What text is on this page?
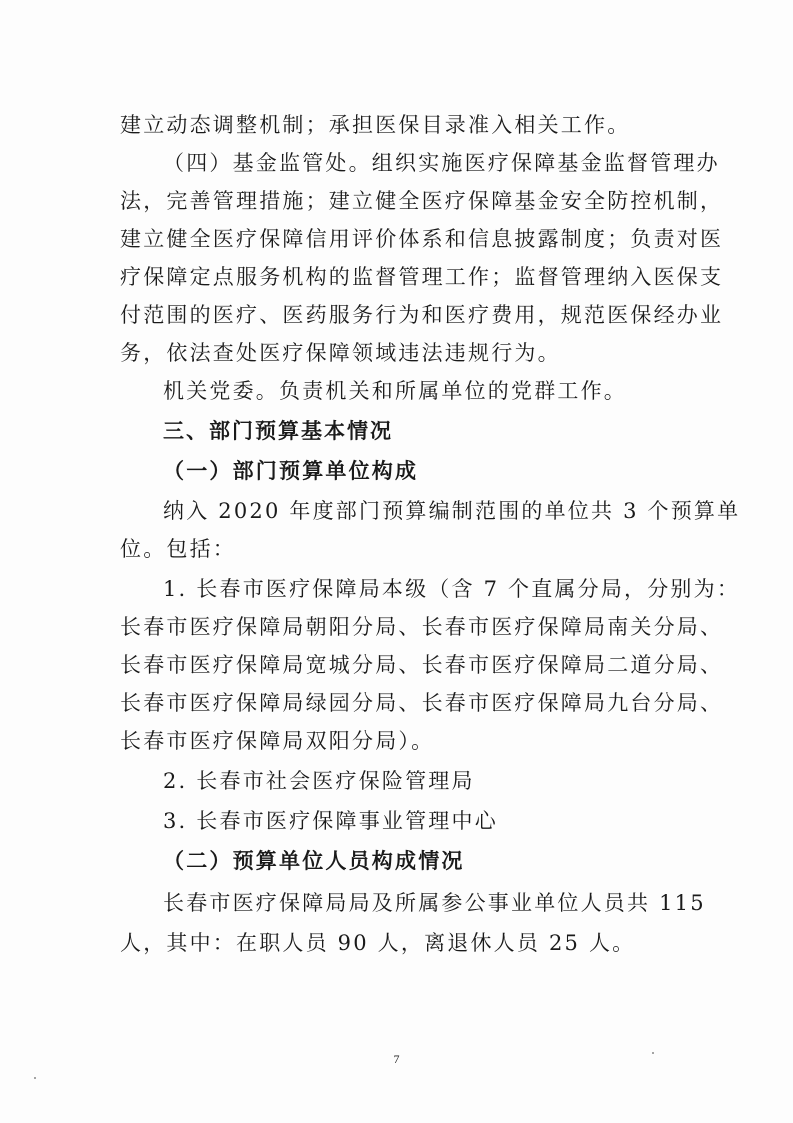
建立动态调整机制；承担医保目录准入相关工作。
（四）基金监管处。组织实施医疗保障基金监督管理办
法，完善管理措施；建立健全医疗保障基金安全防控机制，
建立健全医疗保障信用评价体系和信息披露制度；负责对医
疗保障定点服务机构的监督管理工作；监督管理纳入医保支
付范围的医疗、医药服务行为和医疗费用，规范医保经办业
务，依法查处医疗保障领域违法违规行为。
机关党委。负责机关和所属单位的党群工作。
三、部门预算基本情况
（一）部门预算单位构成
纳入 2020 年度部门预算编制范围的单位共 3 个预算单
位。包括：
1. 长春市医疗保障局本级（含 7 个直属分局，分别为：
长春市医疗保障局朝阳分局、长春市医疗保障局南关分局、
长春市医疗保障局宽城分局、长春市医疗保障局二道分局、
长春市医疗保障局绿园分局、长春市医疗保障局九台分局、
长春市医疗保障局双阳分局）。
2. 长春市社会医疗保险管理局
3. 长春市医疗保障事业管理中心
（二）预算单位人员构成情况
长春市医疗保障局局及所属参公事业单位人员共 115
人，其中：在职人员 90 人，离退休人员 25 人。
7
